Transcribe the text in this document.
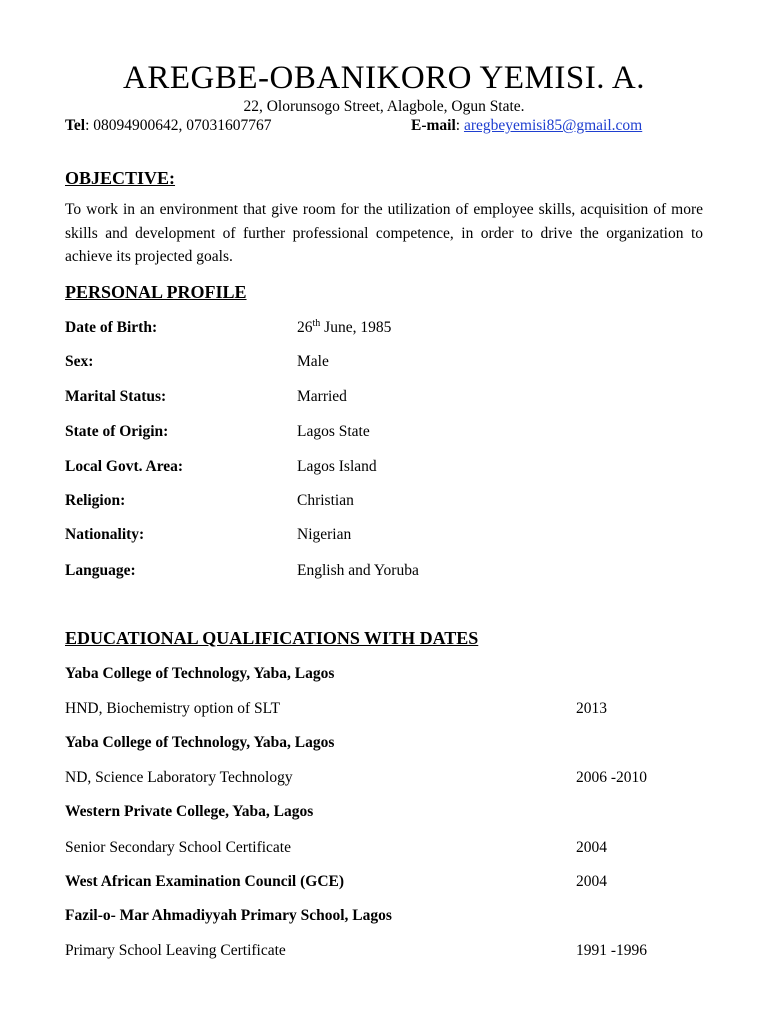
AREGBE-OBANIKORO YEMISI. A.
22, Olorunsogo Street, Alagbole, Ogun State.
Tel: 08094900642, 07031607767	E-mail: aregbeyemisi85@gmail.com
OBJECTIVE:
To work in an environment that give room for the utilization of employee skills, acquisition of more skills and development of further professional competence, in order to drive the organization to achieve its projected goals.
PERSONAL PROFILE
Date of Birth:	26th June, 1985
Sex:	Male
Marital Status:	Married
State of Origin:	Lagos State
Local Govt. Area:	Lagos Island
Religion:	Christian
Nationality:	Nigerian
Language:	English and Yoruba
EDUCATIONAL QUALIFICATIONS WITH DATES
Yaba College of Technology, Yaba, Lagos
HND, Biochemistry option of SLT	2013
Yaba College of Technology, Yaba, Lagos
ND, Science Laboratory Technology	2006 -2010
Western Private College, Yaba, Lagos
Senior Secondary School Certificate	2004
West African Examination Council (GCE)	2004
Fazil-o- Mar Ahmadiyyah Primary School, Lagos
Primary School Leaving Certificate	1991 -1996
